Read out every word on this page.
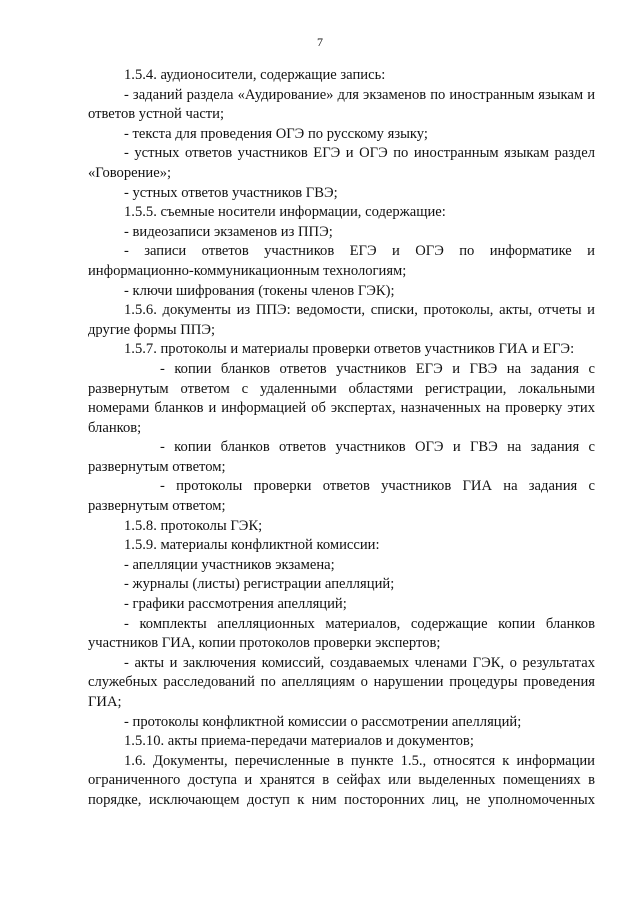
7

1.5.4. аудионосители, содержащие запись:

- заданий раздела «Аудирование» для экзаменов по иностранным языкам и ответов устной части;

- текста для проведения ОГЭ по русскому языку;

- устных ответов участников ЕГЭ и ОГЭ по иностранным языкам раздел «Говорение»;

- устных ответов участников ГВЭ;

1.5.5. съемные носители информации, содержащие:

- видеозаписи экзаменов из ППЭ;

- записи ответов участников ЕГЭ и ОГЭ по информатике и информационно-коммуникационным технологиям;

- ключи шифрования (токены членов ГЭК);

1.5.6. документы из ППЭ: ведомости, списки, протоколы, акты, отчеты и другие формы ППЭ;

1.5.7. протоколы и материалы проверки ответов участников ГИА и ЕГЭ:

- копии бланков ответов участников ЕГЭ и ГВЭ на задания с развернутым ответом с удаленными областями регистрации, локальными номерами бланков и информацией об экспертах, назначенных на проверку этих бланков;

- копии бланков ответов участников ОГЭ и ГВЭ на задания с развернутым ответом;

- протоколы проверки ответов участников ГИА на задания с развернутым ответом;

1.5.8. протоколы ГЭК;

1.5.9. материалы конфликтной комиссии:

- апелляции участников экзамена;

- журналы (листы) регистрации апелляций;

- графики рассмотрения апелляций;

- комплекты апелляционных материалов, содержащие копии бланков участников ГИА, копии протоколов проверки экспертов;

- акты и заключения комиссий, создаваемых членами ГЭК, о результатах служебных расследований по апелляциям о нарушении процедуры проведения ГИА;

- протоколы конфликтной комиссии о рассмотрении апелляций;

1.5.10. акты приема-передачи материалов и документов;

1.6. Документы, перечисленные в пункте 1.5., относятся к информации ограниченного доступа и хранятся в сейфах или выделенных помещениях в порядке, исключающем доступ к ним посторонних лиц, не уполномоченных
